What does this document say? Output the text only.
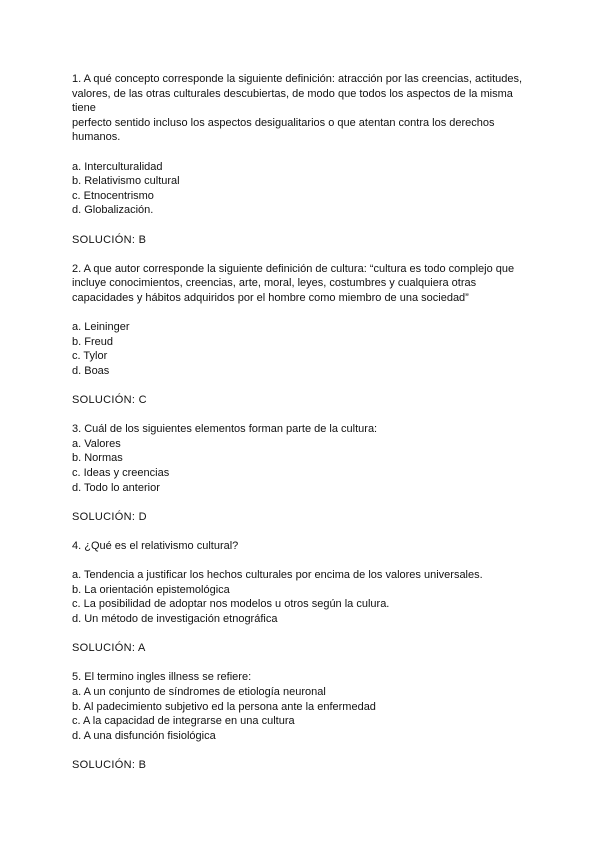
1. A qué concepto corresponde la siguiente definición: atracción por las creencias, actitudes,
valores, de las otras culturales descubiertas, de modo que todos los aspectos de la misma
tiene
perfecto sentido incluso los aspectos desigualitarios o que atentan contra los derechos
humanos.
a. Interculturalidad
b. Relativismo cultural
c. Etnocentrismo
d. Globalización.
SOLUCIÓN: B
2. A que autor corresponde la siguiente definición de cultura: “cultura es todo complejo que
incluye conocimientos, creencias, arte, moral, leyes, costumbres y cualquiera otras
capacidades y hábitos adquiridos por el hombre como miembro de una sociedad”
a. Leininger
b. Freud
c. Tylor
d. Boas
SOLUCIÓN: C
3. Cuál de los siguientes elementos forman parte de la cultura:
a. Valores
b. Normas
c. Ideas y creencias
d. Todo lo anterior
SOLUCIÓN: D
4. ¿Qué es el relativismo cultural?
a. Tendencia a justificar los hechos culturales por encima de los valores universales.
b. La orientación epistemológica
c. La posibilidad de adoptar nos modelos u otros según la culura.
d. Un método de investigación etnográfica
SOLUCIÓN: A
5. El termino ingles illness se refiere:
a. A un conjunto de síndromes de etiología neuronal
b. Al padecimiento subjetivo ed la persona ante la enfermedad
c. A la capacidad de integrarse en una cultura
d. A una disfunción fisiológica
SOLUCIÓN: B
